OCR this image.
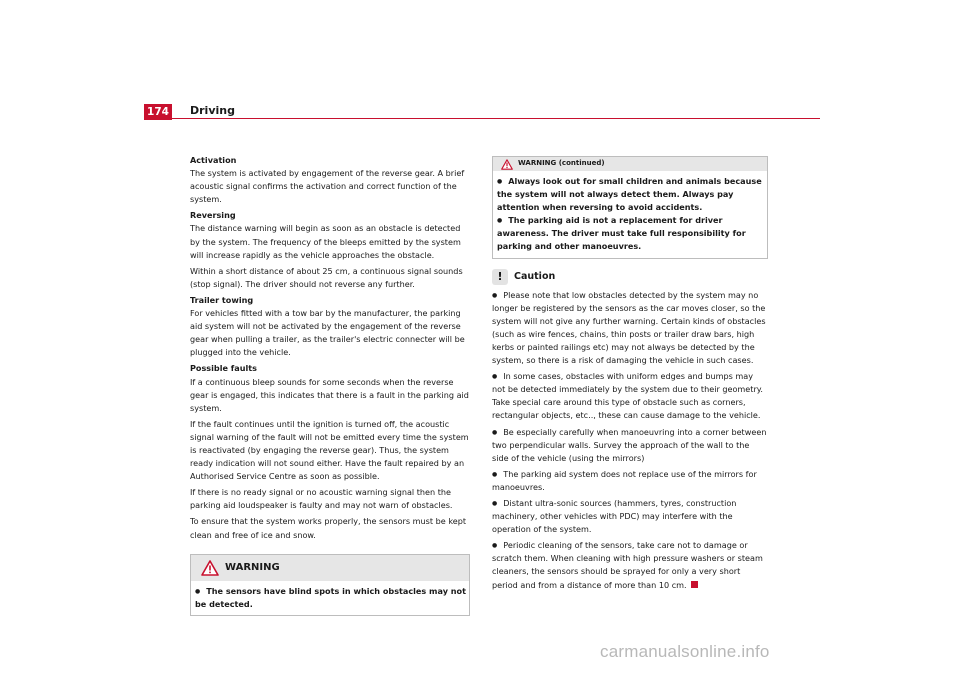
174 Driving
Activation

The system is activated by engagement of the reverse gear. A brief acoustic signal confirms the activation and correct function of the system.

Reversing

The distance warning will begin as soon as an obstacle is detected by the system. The frequency of the bleeps emitted by the system will increase rapidly as the vehicle approaches the obstacle.

Within a short distance of about 25 cm, a continuous signal sounds (stop signal). The driver should not reverse any further.

Trailer towing

For vehicles fitted with a tow bar by the manufacturer, the parking aid system will not be activated by the engagement of the reverse gear when pulling a trailer, as the trailer's electric connecter will be plugged into the vehicle.

Possible faults

If a continuous bleep sounds for some seconds when the reverse gear is engaged, this indicates that there is a fault in the parking aid system.

If the fault continues until the ignition is turned off, the acoustic signal warning of the fault will not be emitted every time the system is reactivated (by engaging the reverse gear). Thus, the system ready indication will not sound either. Have the fault repaired by an Authorised Service Centre as soon as possible.

If there is no ready signal or no acoustic warning signal then the parking aid loudspeaker is faulty and may not warn of obstacles.

To ensure that the system works properly, the sensors must be kept clean and free of ice and snow.

WARNING

● The sensors have blind spots in which obstacles may not be detected.

WARNING (continued)

● Always look out for small children and animals because the system will not always detect them. Always pay attention when reversing to avoid accidents.

● The parking aid is not a replacement for driver awareness. The driver must take full responsibility for parking and other manoeuvres.

!	Caution

● Please note that low obstacles detected by the system may no longer be registered by the sensors as the car moves closer, so the system will not give any further warning. Certain kinds of obstacles (such as wire fences, chains, thin posts or trailer draw bars, high kerbs or painted railings etc) may not always be detected by the system, so there is a risk of damaging the vehicle in such cases.

● In some cases, obstacles with uniform edges and bumps may not be detected immediately by the system due to their geometry. Take special care around this type of obstacle such as corners, rectangular objects, etc.., these can cause damage to the vehicle.

● Be especially carefully when manoeuvring into a corner between two perpendicular walls. Survey the approach of the wall to the side of the vehicle (using the mirrors)

● The parking aid system does not replace use of the mirrors for manoeuvres.

● Distant ultra-sonic sources (hammers, tyres, construction machinery, other vehicles with PDC) may interfere with the operation of the system.

● Periodic cleaning of the sensors, take care not to damage or scratch them. When cleaning with high pressure washers or steam cleaners, the sensors should be sprayed for only a very short period and from a distance of more than 10 cm.

carmanualsonline.info
